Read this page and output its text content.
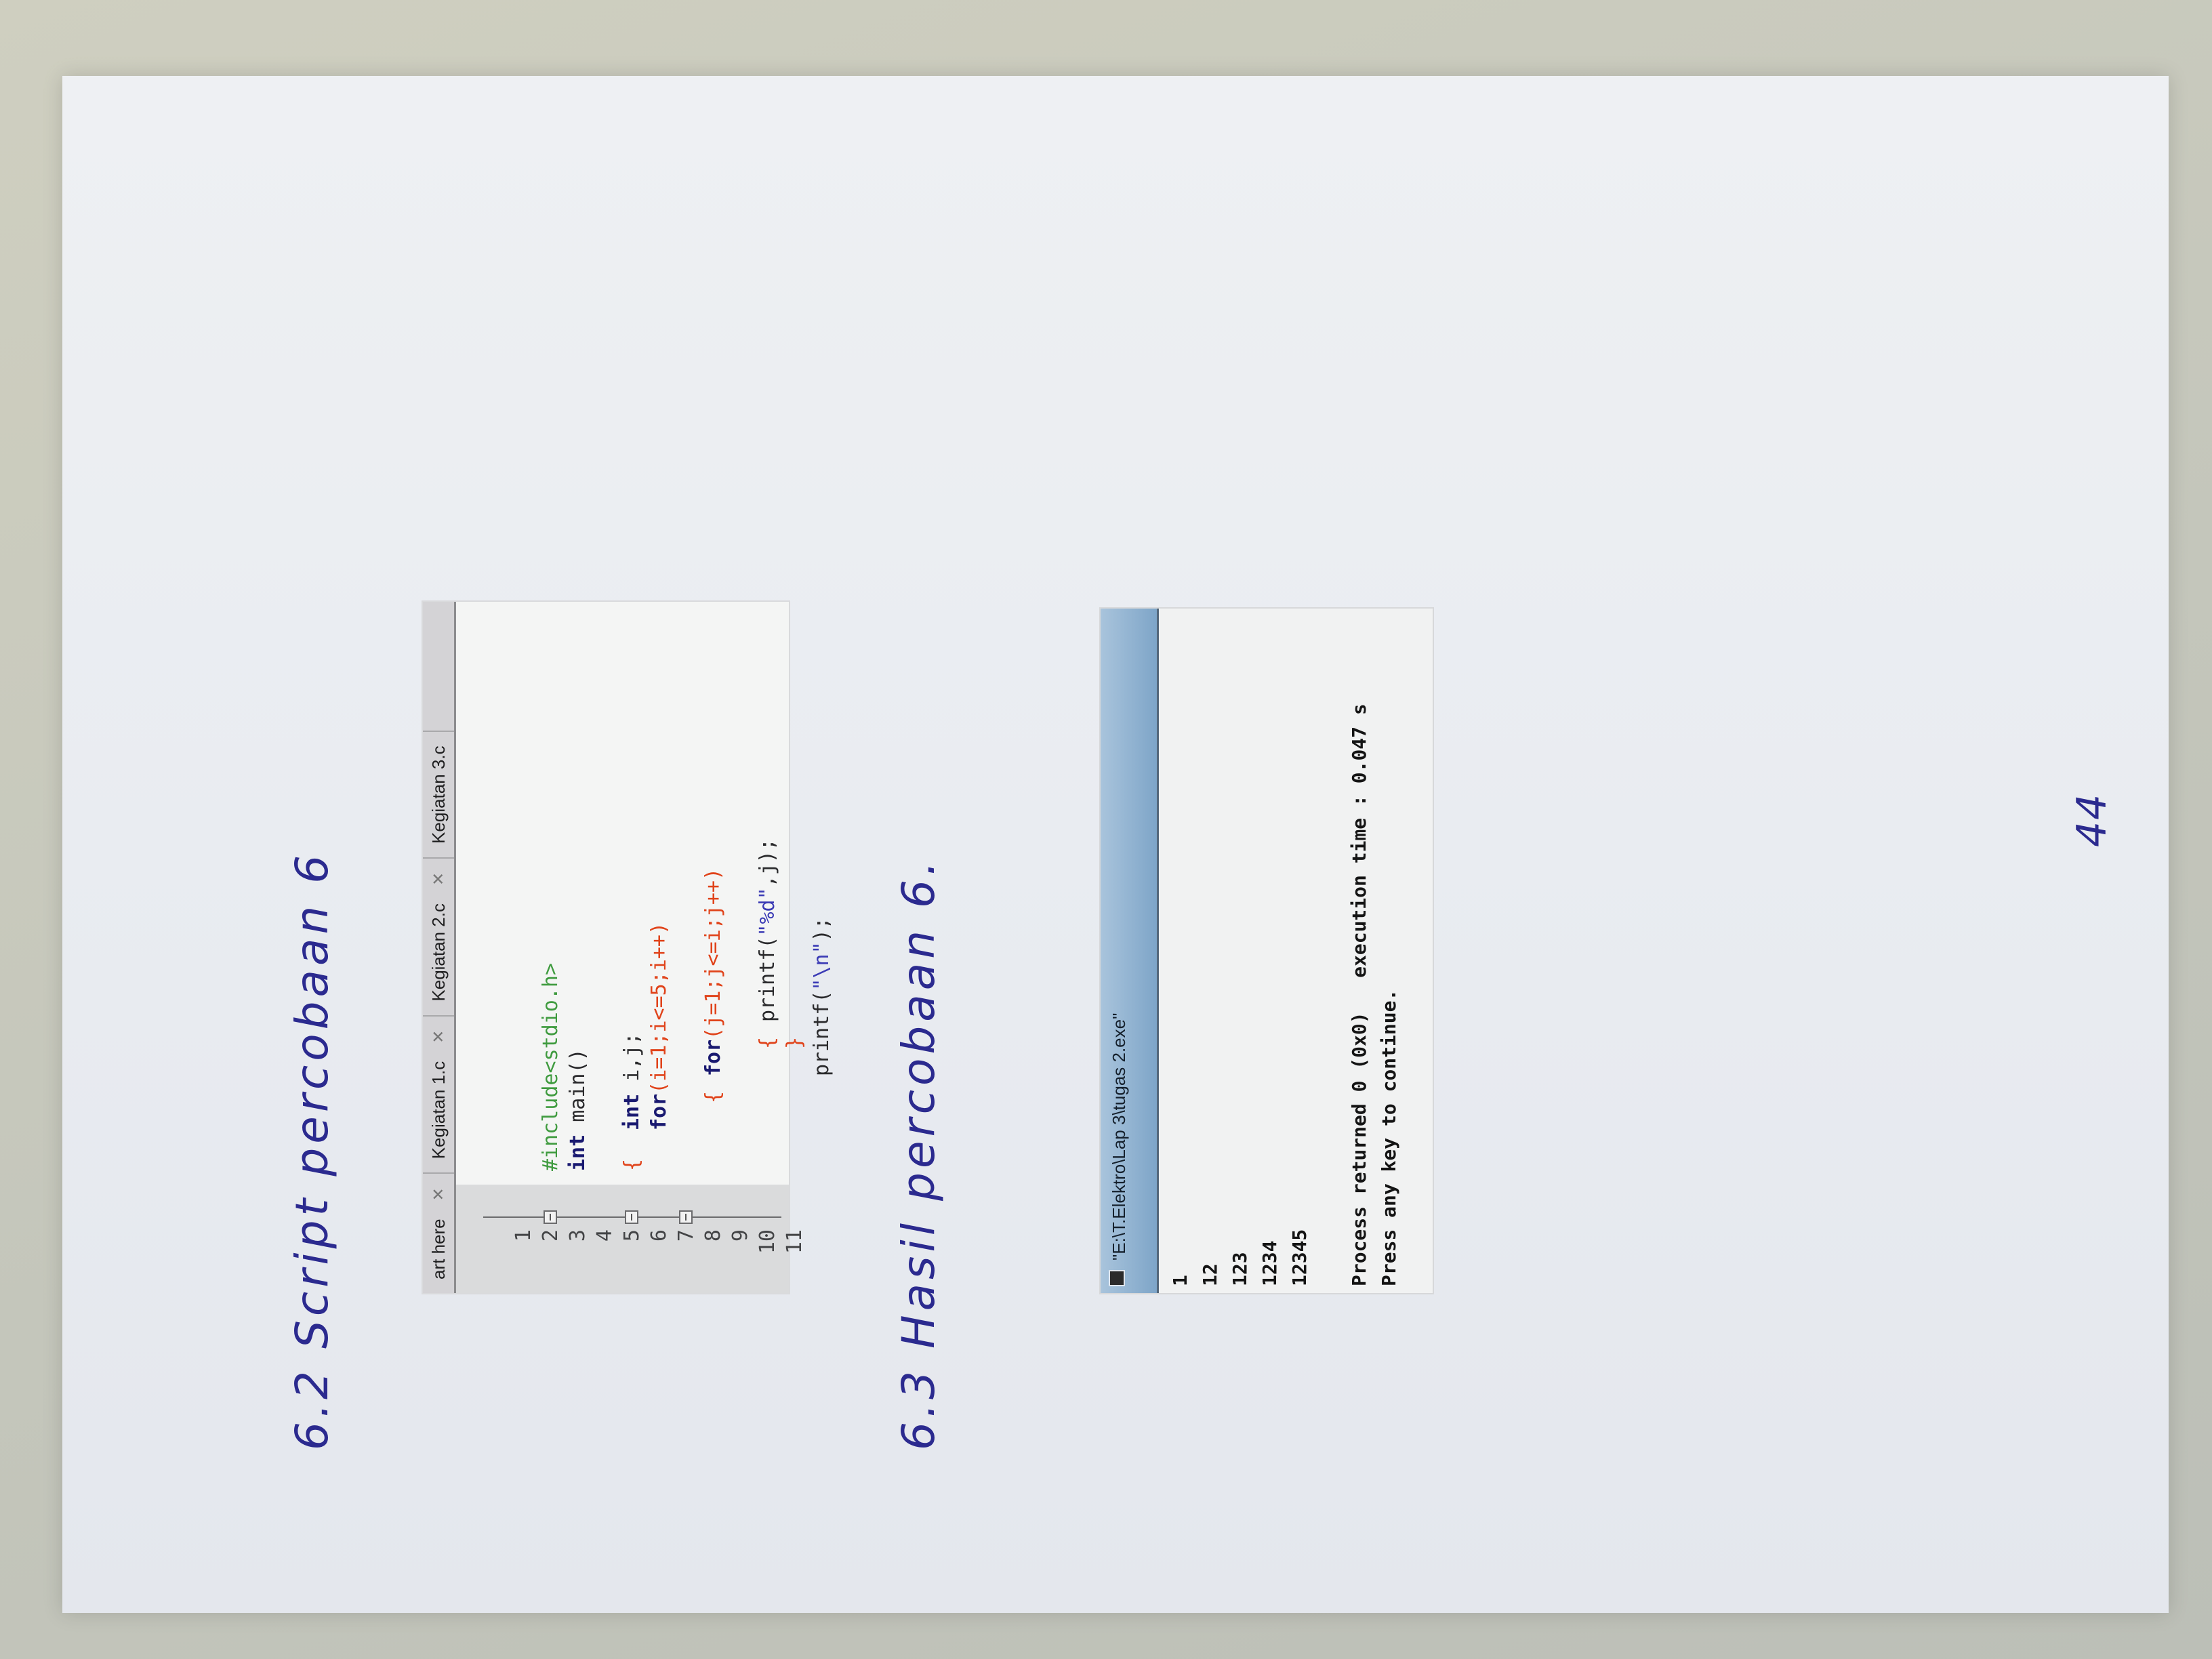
6.2 Script percobaan 6	art here
✕
Kegiatan 1.c
✕
Kegiatan 2.c
✕
Kegiatan 3.c

1

#include<stdio.h>

2

int main()

3

{

4

int i,j;

5

for(i=1;i<=5;i++)

6

{

7

for(j=1;j<=i;j++)

8

{

9

printf("%d",j);

10

}

11

printf("\n");

6.3 Hasil percobaan 6.	"E:\T.Elektro\Lap 3\tugas 2.exe"
1 12 123 1234 12345 Process returned 0 (0x0)   execution time : 0.047 s Press any key to continue.
44
